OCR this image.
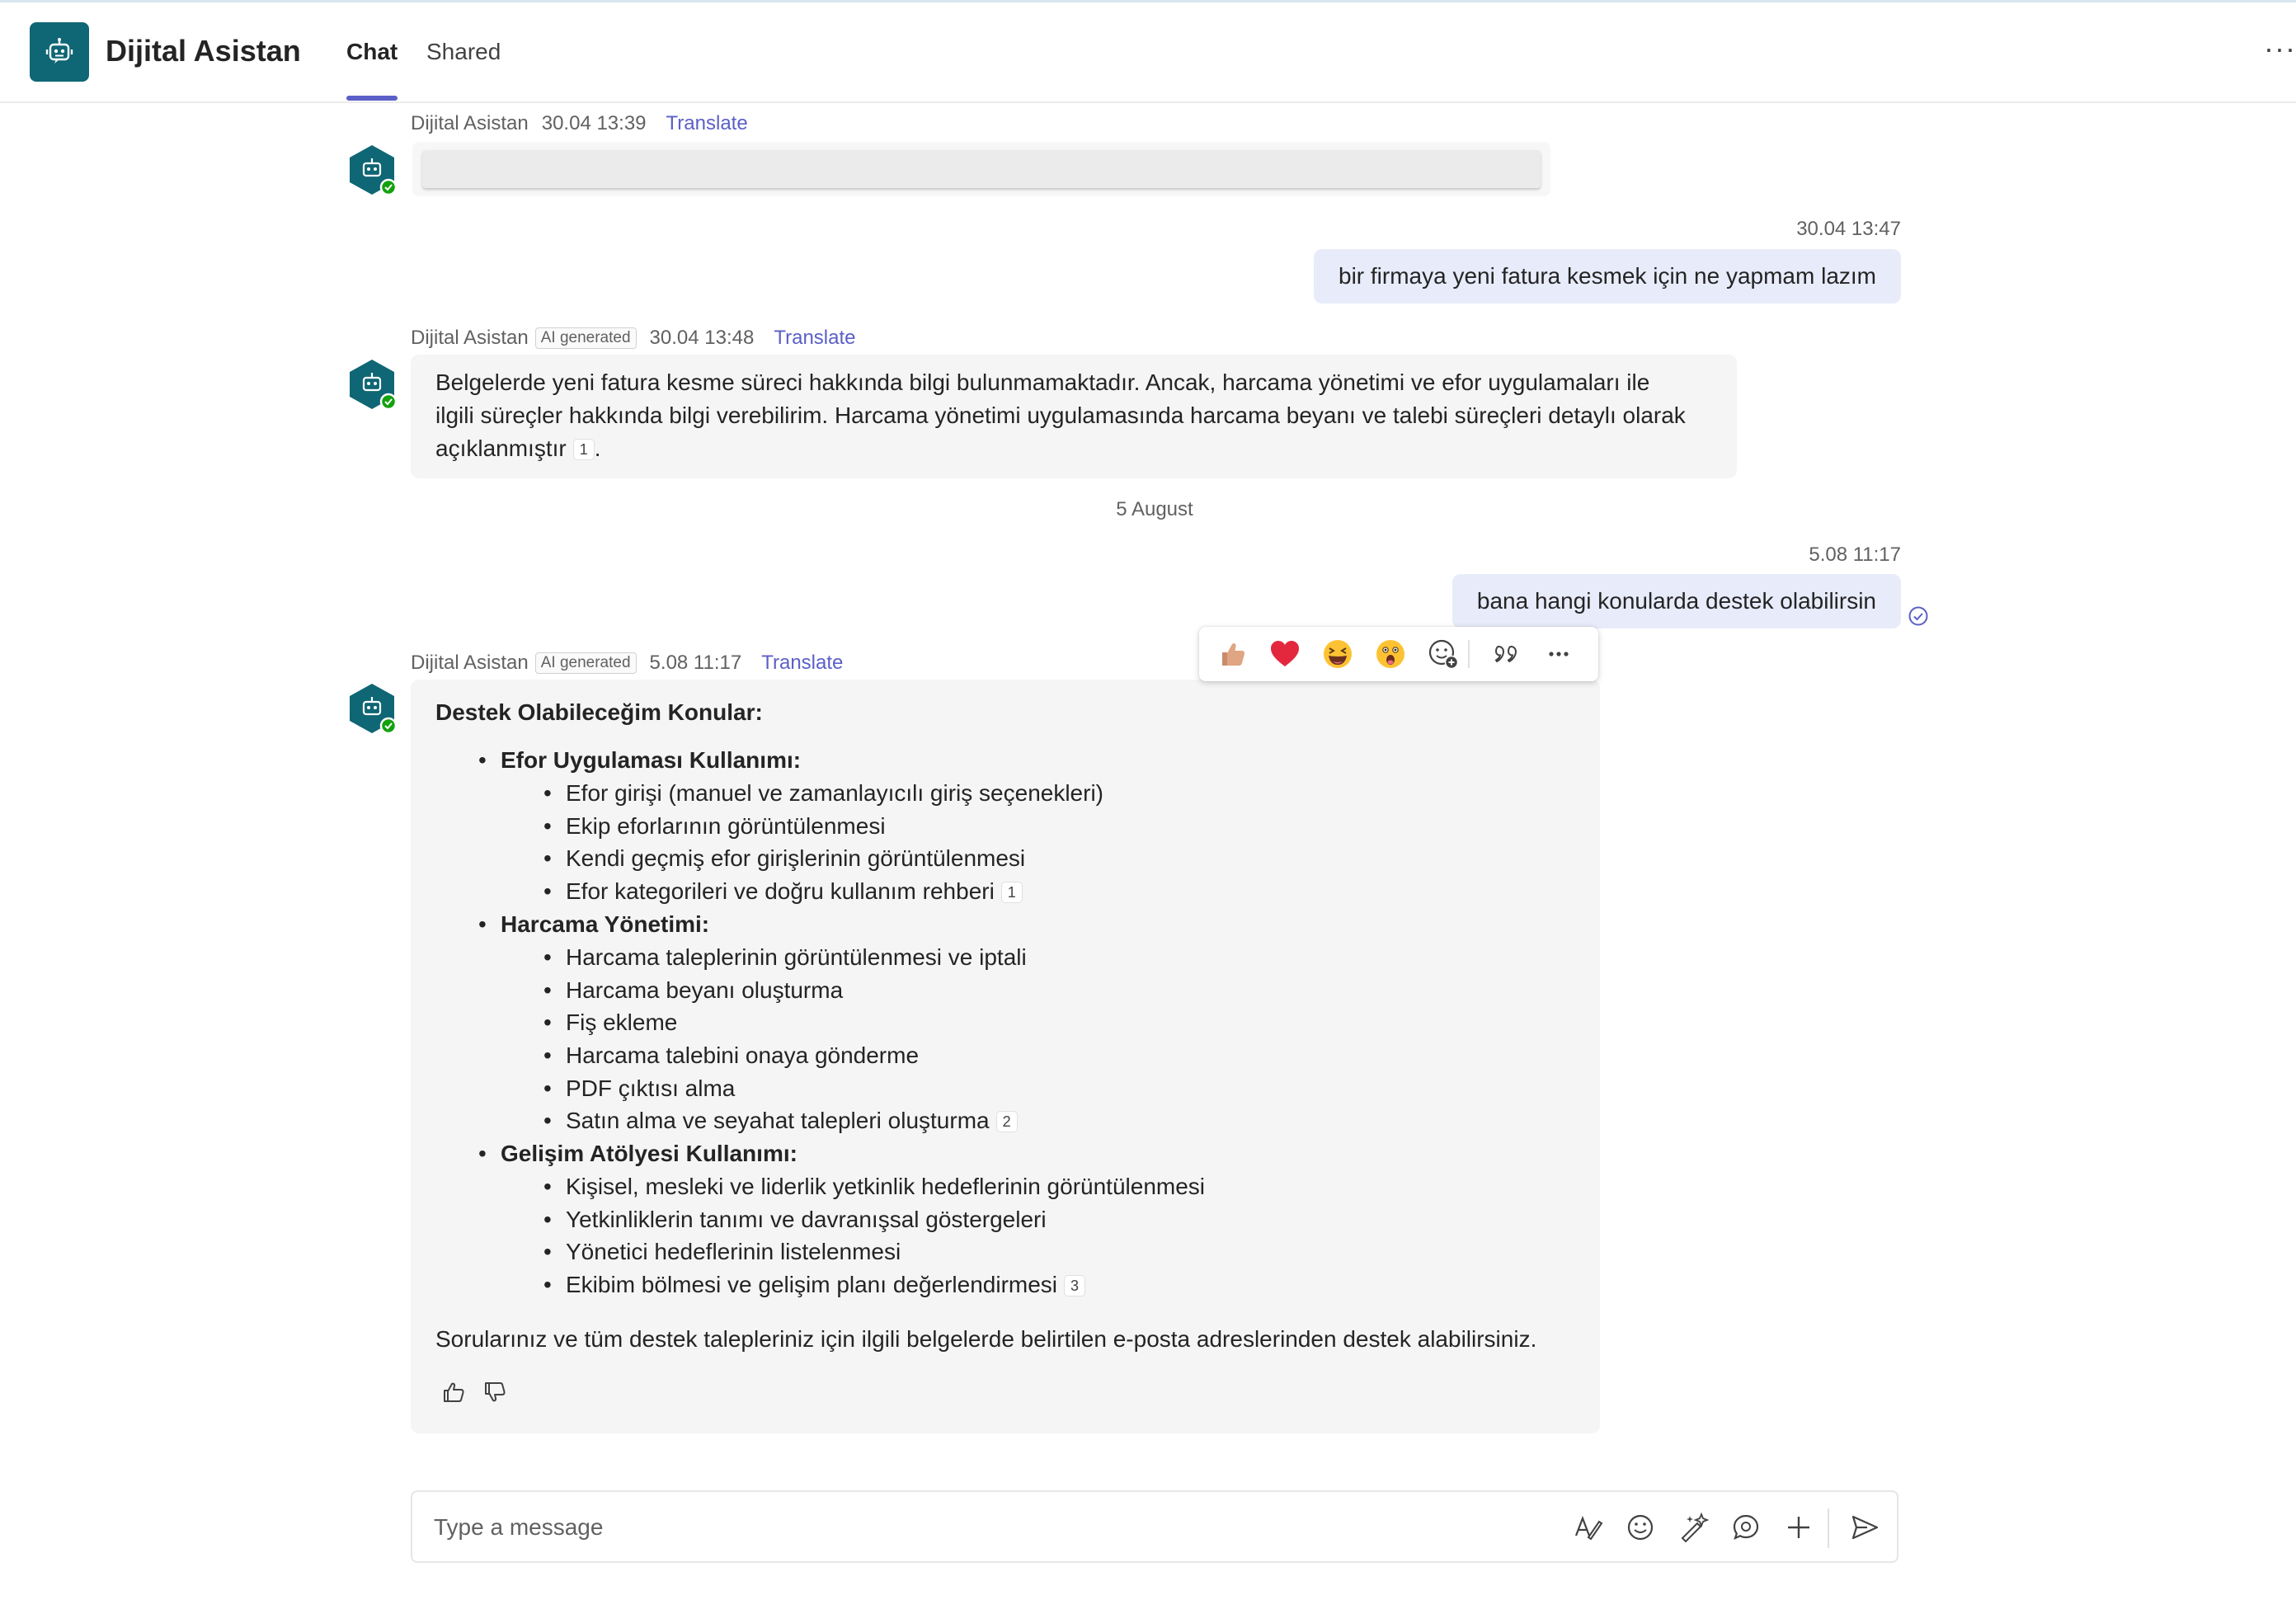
Dijital Asistan Chat Shared	···
Dijital Asistan 30.04 13:39 Translate
30.04 13:47
bir firmaya yeni fatura kesmek için ne yapmam lazım
Dijital Asistan AI generated 30.04 13:48 Translate
Belgelerde yeni fatura kesme süreci hakkında bilgi bulunmamaktadır. Ancak, harcama yönetimi ve efor uygulamaları ile
ilgili süreçler hakkında bilgi verebilirim. Harcama yönetimi uygulamasında harcama beyanı ve talebi süreçleri detaylı olarak
açıklanmıştır 1 .
5 August
5.08 11:17
bana hangi konularda destek olabilirsin
Dijital Asistan AI generated 5.08 11:17 Translate
Destek Olabileceğim Konular:
• Efor Uygulaması Kullanımı:
• Efor girişi (manuel ve zamanlayıcılı giriş seçenekleri)
• Ekip eforlarının görüntülenmesi
• Kendi geçmiş efor girişlerinin görüntülenmesi
• Efor kategorileri ve doğru kullanım rehberi 1
• Harcama Yönetimi:
• Harcama taleplerinin görüntülenmesi ve iptali
• Harcama beyanı oluşturma
• Fiş ekleme
• Harcama talebini onaya gönderme
• PDF çıktısı alma
• Satın alma ve seyahat talepleri oluşturma 2
• Gelişim Atölyesi Kullanımı:
• Kişisel, mesleki ve liderlik yetkinlik hedeflerinin görüntülenmesi
• Yetkinliklerin tanımı ve davranışsal göstergeleri
• Yönetici hedeflerinin listelenmesi
• Ekibim bölmesi ve gelişim planı değerlendirmesi 3
Sorularınız ve tüm destek talepleriniz için ilgili belgelerde belirtilen e-posta adreslerinden destek alabilirsiniz.
Type a message
